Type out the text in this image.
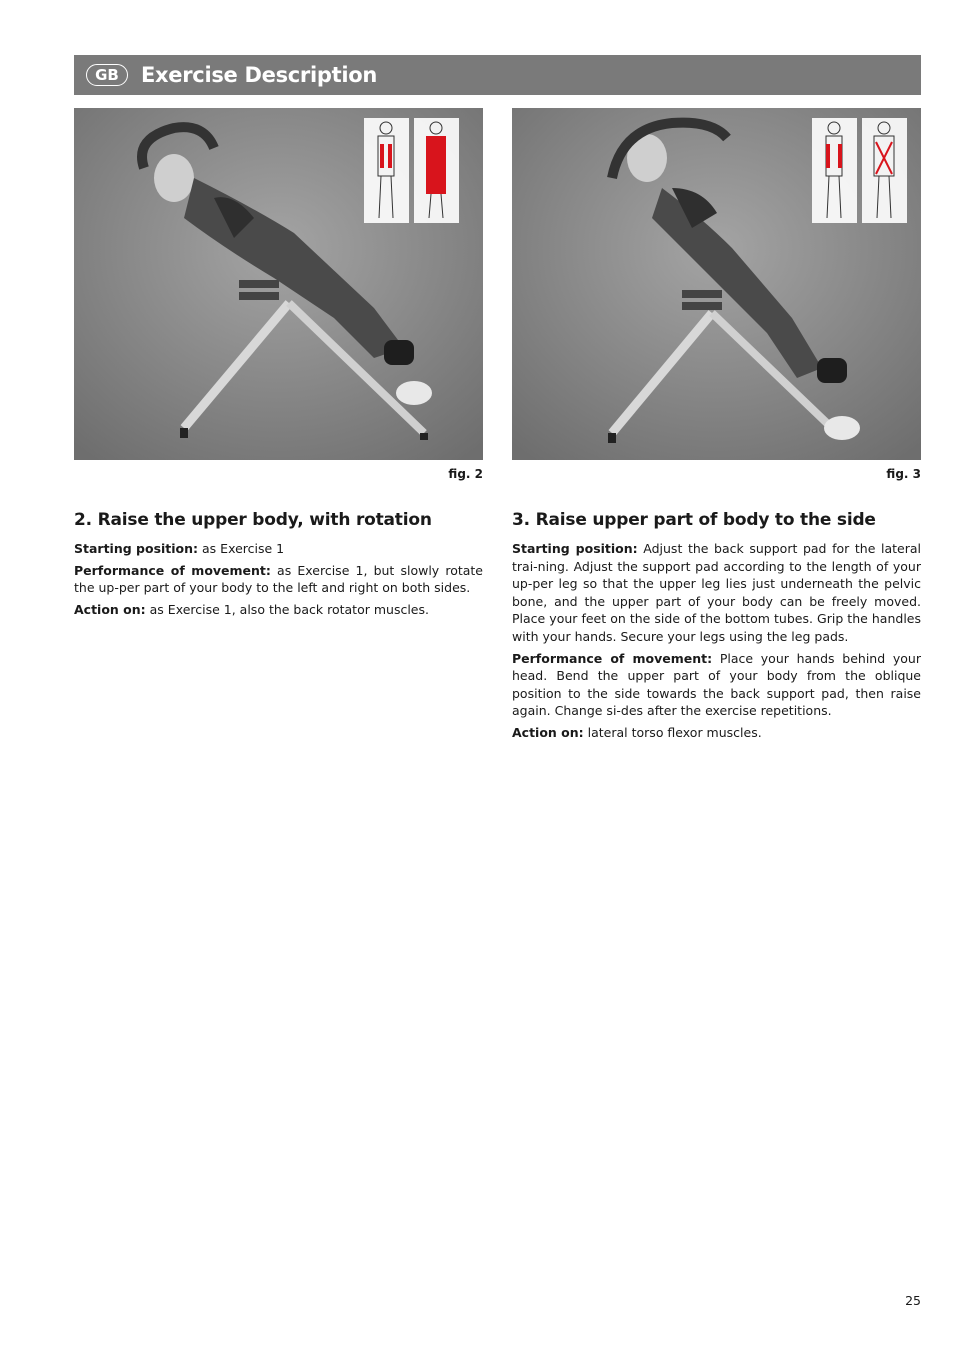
GB	Exercise Description
fig. 2	fig. 3
2. Raise the upper body, with rotation

Starting position: as Exercise 1

Performance of movement: as Exercise 1, but slowly rotate the up-per part of your body to the left and right on both sides.

Action on: as Exercise 1, also the back rotator muscles.

3. Raise upper part of body to the side

Starting position: Adjust the back support pad for the lateral trai-ning. Adjust the support pad according to the length of your up-per leg so that the upper leg lies just underneath the pelvic bone, and the upper part of your body can be freely moved. Place your feet on the side of the bottom tubes. Grip the handles with your hands. Secure your legs using the leg pads.

Performance of movement: Place your hands behind your head. Bend the upper part of your body from the oblique position to the side towards the back support pad, then raise again. Change si-des after the exercise repetitions.

Action on: lateral torso flexor muscles.

25
